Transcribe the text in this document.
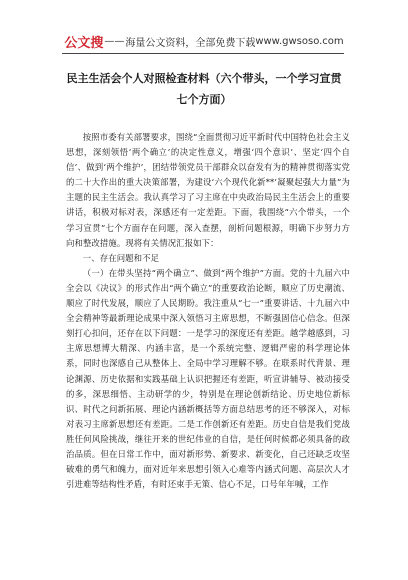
公文搜 —— 海量公文资料，全部免费下载 www.gwsoso.com
民主生活会个人对照检查材料（六个带头，一个学习宣贯
七个方面）

按照市委有关部署要求，围绕“全面贯彻习近平新时代中国特色社会主义思想，深刻领悟‘两个确立’的决定性意义，增强‘四个意识’、坚定‘四个自信’、做到‘两个维护’，团结带领党员干部群众以奋发有为的精神贯彻落实党的二十大作出的重大决策部署，为建设‘六个现代化新**’凝聚起强大力量”为主题的民主生活会。我认真学习了习主席在中央政治局民主生活会上的重要讲话，积极对标对表，深感还有一定差距。下面，我围绕“六个带头，一个学习宣贯”七个方面存在问题，深入查摆，剖析问题根源，明确下步努力方向和整改措施。现将有关情况汇报如下：

一、存在问题和不足

（一）在带头坚持“两个确立”、做到“两个维护”方面。党的十九届六中全会以《决议》的形式作出“两个确立”的重要政治论断，顺应了历史潮流、顺应了时代发展，顺应了人民期盼。我注重从“七一”重要讲话、十九届六中全会精神等最新理论成果中深入领悟习主席思想，不断强固信心信念。但深刻打心扣问，还存在以下问题：一是学习的深度还有差距。越学越感到，习主席思想博大精深、内涵丰富，是一个系统完整、逻辑严密的科学理论体系，同时也深感自己从整体上、全局中学习理解不够。在联系时代背景、理论渊源、历史依据和实践基础上认识把握还有差距，听宣讲辅导、被动接受的多，深思细悟、主动研学的少，特别是在理论创新结论、历史地位新标识、时代之问新拓展、理论内涵新概括等方面总结思考的还不够深入，对标对表习主席新思想还有差距。二是工作创新还有差距。历史自信是我们党战胜任何风险挑战，继往开来的世纪伟业的自信，是任何时候都必须具备的政治品质。但在日常工作中，面对新形势、新要求、新变化，自己还缺乏攻坚破难的勇气和魄力，面对近年来思想引领入心难等内涵式问题、高层次人才引进难等结构性矛盾，有时还束手无策、信心不足，口号年年喊，工作
